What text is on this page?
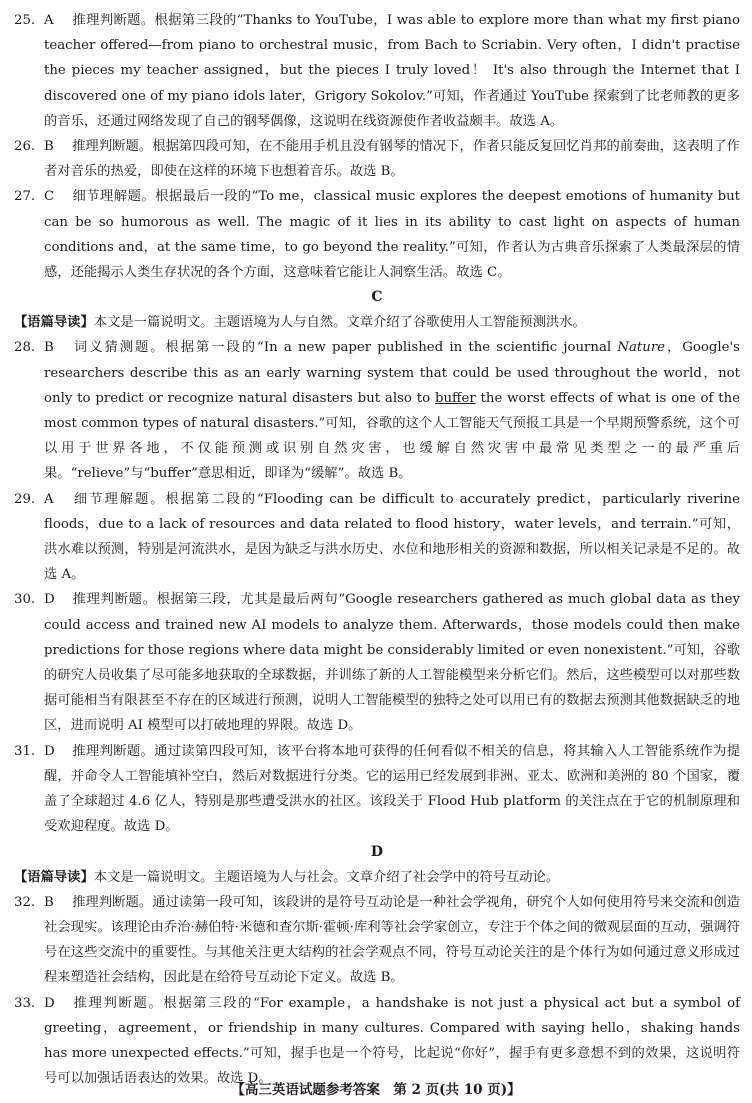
25. A 推理判断题。根据第三段的“Thanks to YouTube，I was able to explore more than what my first piano teacher offered—from piano to orchestral music，from Bach to Scriabin. Very often，I didn't practise the pieces my teacher assigned，but the pieces I truly loved！ It's also through the Internet that I discovered one of my piano idols later，Grigory Sokolov.”可知，作者通过 YouTube 探索到了比老师教的更多的音乐，还通过网络发现了自己的钢琴偶像，这说明在线资源使作者收益颇丰。故选 A。
26. B 推理判断题。根据第四段可知，在不能用手机且没有钢琴的情况下，作者只能反复回忆肖邦的前奏曲，这表明了作者对音乐的热爱，即使在这样的环境下也想着音乐。故选 B。
27. C 细节理解题。根据最后一段的“To me，classical music explores the deepest emotions of humanity but can be so humorous as well. The magic of it lies in its ability to cast light on aspects of human conditions and，at the same time，to go beyond the reality.”可知，作者认为古典音乐探索了人类最深层的情感，还能揭示人类生存状况的各个方面，这意味着它能让人洞察生活。故选 C。

C

【语篇导读】本文是一篇说明文。主题语境为人与自然。文章介绍了谷歌使用人工智能预测洪水。

28. B 词义猜测题。根据第一段的“In a new paper published in the scientific journal Nature，Google's researchers describe this as an early warning system that could be used throughout the world，not only to predict or recognize natural disasters but also to buffer the worst effects of what is one of the most common types of natural disasters.”可知，谷歌的这个人工智能天气预报工具是一个早期预警系统，这个可以用于世界各地，不仅能预测或识别自然灾害，也缓解自然灾害中最常见类型之一的最严重后果。“relieve”与“buffer”意思相近，即译为“缓解”。故选 B。
29. A 细节理解题。根据第二段的“Flooding can be difficult to accurately predict，particularly riverine floods，due to a lack of resources and data related to flood history，water levels，and terrain.”可知，洪水难以预测，特别是河流洪水，是因为缺乏与洪水历史、水位和地形相关的资源和数据，所以相关记录是不足的。故选 A。
30. D 推理判断题。根据第三段，尤其是最后两句“Google researchers gathered as much global data as they could access and trained new AI models to analyze them. Afterwards，those models could then make predictions for those regions where data might be considerably limited or even nonexistent.”可知，谷歌的研究人员收集了尽可能多地获取的全球数据，并训练了新的人工智能模型来分析它们。然后，这些模型可以对那些数据可能相当有限甚至不存在的区域进行预测，说明人工智能模型的独特之处可以用已有的数据去预测其他数据缺乏的地区，进而说明 AI 模型可以打破地理的界限。故选 D。
31. D 推理判断题。通过读第四段可知，该平台将本地可获得的任何看似不相关的信息，将其输入人工智能系统作为提醒，并命令人工智能填补空白，然后对数据进行分类。它的运用已经发展到非洲、亚太、欧洲和美洲的 80 个国家，覆盖了全球超过 4.6 亿人，特别是那些遭受洪水的社区。该段关于 Flood Hub platform 的关注点在于它的机制原理和受欢迎程度。故选 D。

D

【语篇导读】本文是一篇说明文。主题语境为人与社会。文章介绍了社会学中的符号互动论。

32. B 推理判断题。通过读第一段可知，该段讲的是符号互动论是一种社会学视角，研究个人如何使用符号来交流和创造社会现实。该理论由乔治·赫伯特·米德和查尔斯·霍顿·库利等社会学家创立，专注于个体之间的微观层面的互动，强调符号在这些交流中的重要性。与其他关注更大结构的社会学观点不同，符号互动论关注的是个体行为如何通过意义形成过程来塑造社会结构，因此是在给符号互动论下定义。故选 B。
33. D 推理判断题。根据第三段的“For example，a handshake is not just a physical act but a symbol of greeting，agreement，or friendship in many cultures. Compared with saying hello，shaking hands has more unexpected effects.”可知，握手也是一个符号，比起说“你好”，握手有更多意想不到的效果，这说明符号可以加强话语表达的效果。故选 D。
【高三英语试题参考答案　第 2 页(共 10 页)】
